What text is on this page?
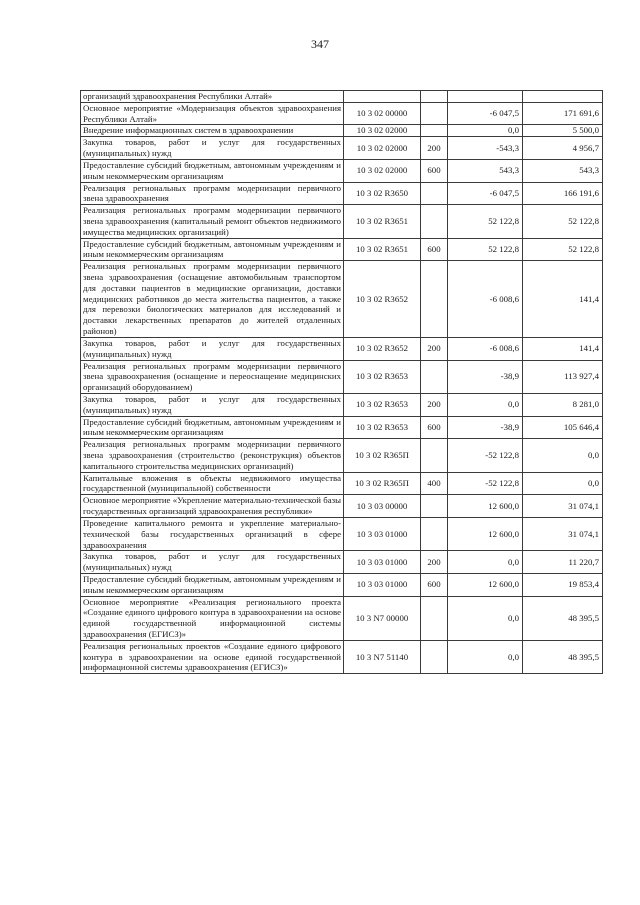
347
организаций здравоохранения Республики Алтай»				
Основное мероприятие «Модернизация объектов здравоохранения Республики Алтай»	10 3 02 00000		-6 047,5	171 691,6
Внедрение информационных систем в здравоохранении	10 3 02 02000		0,0	5 500,0
Закупка товаров, работ и услуг для государственных (муниципальных) нужд	10 3 02 02000	200	-543,3	4 956,7
Предоставление субсидий бюджетным, автономным учреждениям и иным некоммерческим организациям	10 3 02 02000	600	543,3	543,3
Реализация региональных программ модернизации первичного звена здравоохранения	10 3 02 R3650		-6 047,5	166 191,6
Реализация региональных программ модернизации первичного звена здравоохранения (капитальный ремонт объектов недвижимого имущества медицинских организаций)	10 3 02 R3651		52 122,8	52 122,8
Предоставление субсидий бюджетным, автономным учреждениям и иным некоммерческим организациям	10 3 02 R3651	600	52 122,8	52 122,8
Реализация региональных программ модернизации первичного звена здравоохранения (оснащение автомобильным транспортом для доставки пациентов в медицинские организации, доставки медицинских работников до места жительства пациентов, а также для перевозки биологических материалов для исследований и доставки лекарственных препаратов до жителей отдаленных районов)	10 3 02 R3652		-6 008,6	141,4
Закупка товаров, работ и услуг для государственных (муниципальных) нужд	10 3 02 R3652	200	-6 008,6	141,4
Реализация региональных программ модернизации первичного звена здравоохранения (оснащение и переоснащение медицинских организаций оборудованием)	10 3 02 R3653		-38,9	113 927,4
Закупка товаров, работ и услуг для государственных (муниципальных) нужд	10 3 02 R3653	200	0,0	8 281,0
Предоставление субсидий бюджетным, автономным учреждениям и иным некоммерческим организациям	10 3 02 R3653	600	-38,9	105 646,4
Реализация региональных программ модернизации первичного звена здравоохранения (строительство (реконструкция) объектов капитального строительства медицинских организаций)	10 3 02 R365П		-52 122,8	0,0
Капитальные вложения в объекты недвижимого имущества государственной (муниципальной) собственности	10 3 02 R365П	400	-52 122,8	0,0
Основное мероприятие «Укрепление материально-технической базы государственных организаций здравоохранения республики»	10 3 03 00000		12 600,0	31 074,1
Проведение капитального ремонта и укрепление материально-технической базы государственных организаций в сфере здравоохранения	10 3 03 01000		12 600,0	31 074,1
Закупка товаров, работ и услуг для государственных (муниципальных) нужд	10 3 03 01000	200	0,0	11 220,7
Предоставление субсидий бюджетным, автономным учреждениям и иным некоммерческим организациям	10 3 03 01000	600	12 600,0	19 853,4
Основное мероприятие «Реализация регионального проекта «Создание единого цифрового контура в здравоохранении на основе единой государственной информационной системы здравоохранения (ЕГИСЗ)»	10 3 N7 00000		0,0	48 395,5
Реализация региональных проектов «Создание единого цифрового контура в здравоохранении на основе единой государственной информационной системы здравоохранения (ЕГИСЗ)»	10 3 N7 51140		0,0	48 395,5
